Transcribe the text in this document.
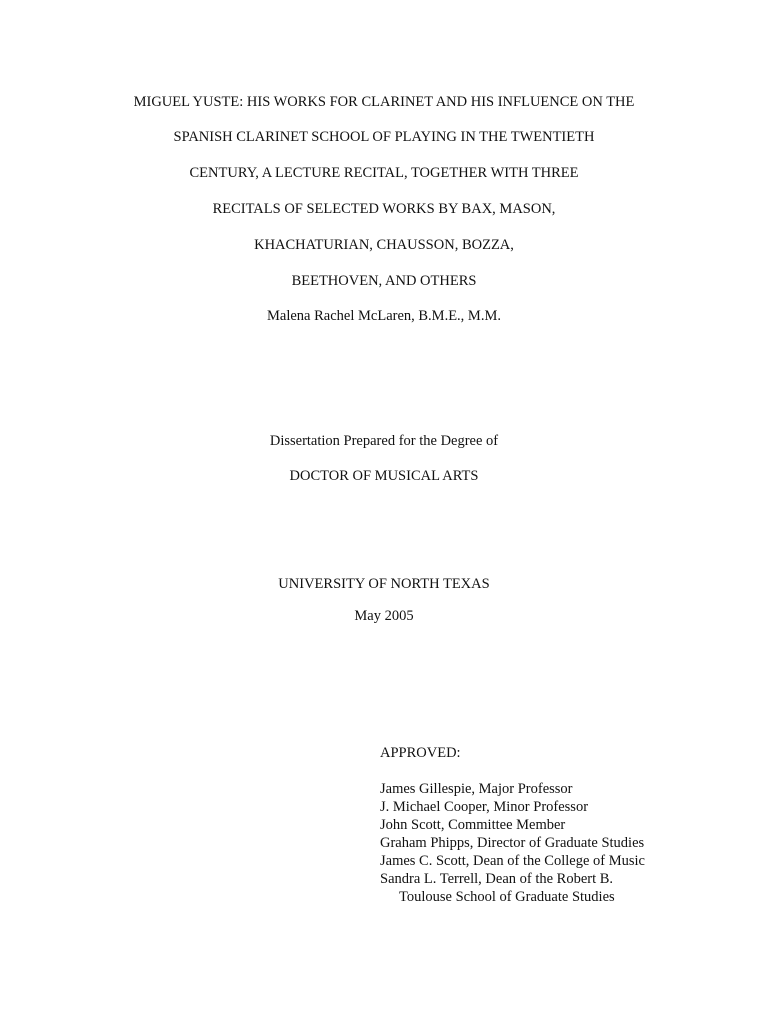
MIGUEL YUSTE: HIS WORKS FOR CLARINET AND HIS INFLUENCE ON THE
SPANISH CLARINET SCHOOL OF PLAYING IN THE TWENTIETH
CENTURY, A LECTURE RECITAL, TOGETHER WITH THREE
RECITALS OF SELECTED WORKS BY BAX, MASON,
KHACHATURIAN, CHAUSSON, BOZZA,
BEETHOVEN, AND OTHERS
Malena Rachel McLaren, B.M.E., M.M.
Dissertation Prepared for the Degree of
DOCTOR OF MUSICAL ARTS
UNIVERSITY OF NORTH TEXAS
May 2005
APPROVED:
James Gillespie, Major Professor
J. Michael Cooper, Minor Professor
John Scott, Committee Member
Graham Phipps, Director of Graduate Studies
James C. Scott, Dean of the College of Music
Sandra L. Terrell, Dean of the Robert B.
Toulouse School of Graduate Studies
